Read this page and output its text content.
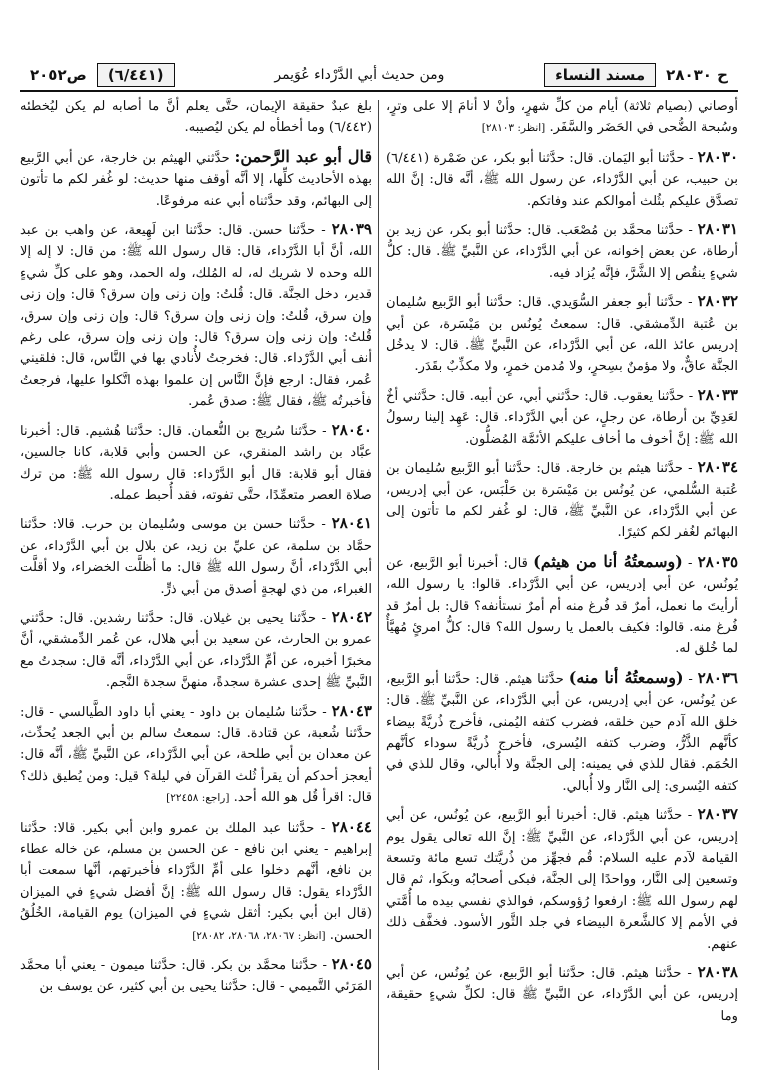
ح ٢٨٠٣٠
مسند النساء
ومن حديث أبي الدَّرْداء عُوَيمر
(٦/٤٤١)
ص٢٠٥٢

أوصاني (بصيام ثلاثة) أيام من كلِّ شهرٍ، وأنْ لا أنامَ إلا على وترٍ، وسُبحة الضُّحى في الحَضَر والسَّفَر. [انظر: ٢٨١٠٣]

٢٨٠٣٠ - حدَّثنا أبو اليَمان. قال: حدَّثنا أبو بكر، عن ضَمْرة (٦/٤٤١) بن حبيب، عن أبي الدَّرْداء، عن رسول الله ﷺ، أنَّه قال: إنَّ الله تصدَّق عليكم بثُلث أموالكم عند وفاتكم.

٢٨٠٣١ - حدَّثنا محمَّد بن مُصْعَب. قال: حدَّثنا أبو بكر، عن زيد بن أرطاة، عن بعض إخوانه، عن أبي الدَّرْداء، عن النَّبيِّ ﷺ. قال: كلُّ شيءٍ ينقُص إلا الشَّرَّ، فإنَّه يُزاد فيه.

٢٨٠٣٢ - حدَّثنا أبو جعفر السُّوَيدي. قال: حدَّثنا أبو الرَّبيع سُليمان بن عُتبة الدِّمشقي. قال: سمعتُ يُونُس بن مَيْسَرة، عن أبي إدريس عائذ الله، عن أبي الدَّرْداء، عن النَّبيِّ ﷺ. قال: لا يدخُل الجنَّة عاقٌّ، ولا مؤمنٌ بسِحرٍ، ولا مُدمن خمرٍ، ولا مكذِّبٌ بقَدَر.

٢٨٠٣٣ - حدَّثنا يعقوب. قال: حدَّثني أبي، عن أبيه. قال: حدَّثني أخٌ لعَدِيِّ بن أرطاة، عن رجلٍ، عن أبي الدَّرْداء. قال: عَهِد إلينا رسولُ الله ﷺ: إنَّ أخوف ما أخاف عليكم الأئمَّة المُضلُّون.

٢٨٠٣٤ - حدَّثنا هيثم بن خارجة. قال: حدَّثنا أبو الرَّبيع سُليمان بن عُتبة السُّلمي، عن يُونُس بن مَيْسَرة بن حَلْبَس، عن أبي إدريس، عن أبي الدَّرْداء، عن النَّبيِّ ﷺ، قال: لو غُفر لكم ما تأتون إلى البهائم لغُفر لكم كثيرًا.

٢٨٠٣٥ - (وسمعتُهُ أنا من هيثم) قال: أخبرنا أبو الرَّبيع، عن يُونُس، عن أبي إدريس، عن أبي الدَّرْداء. قالوا: يا رسول الله، أرأيتَ ما نعمل، أمرٌ قد فُرغ منه أم أمرٌ نستأنفه؟ قال: بل أمرٌ قد فُرغ منه. قالوا: فكيف بالعمل يا رسول الله؟ قال: كلُّ امرئٍ مُهيَّأٌ لما خُلق له.

٢٨٠٣٦ - (وسمعتُهُ أنا منه) حدَّثنا هيثم. قال: حدَّثنا أبو الرَّبيع، عن يُونُس، عن أبي إدريس، عن أبي الدَّرْداء، عن النَّبيِّ ﷺ. قال: خلق الله آدم حين خلقه، فضرب كتفه اليُمنى، فأخرج ذُريَّةً بيضاء كأنَّهم الذَّرُّ، وضرب كتفه اليُسرى، فأخرج ذُريَّةً سوداء كأنَّهم الحُمَم. فقال للذي في يمينه: إلى الجنَّة ولا أُبالي، وقال للذي في كتفه اليُسرى: إلى النَّار ولا أُبالي.

٢٨٠٣٧ - حدَّثنا هيثم. قال: أخبرنا أبو الرَّبيع، عن يُونُس، عن أبي إدريس، عن أبي الدَّرْداء، عن النَّبيِّ ﷺ: إنَّ الله تعالى يقول يوم القيامة لآدم عليه السلام: قُم فجهِّز من ذُريَّتك تسع مائة وتسعة وتسعين إلى النَّار، وواحدًا إلى الجنَّة، فبكى أصحابُه وبكَوا، ثم قال لهم رسول الله ﷺ: ارفعوا رُؤوسكم، فوالذي نفسي بيده ما أُمَّتي في الأمم إلا كالشَّعرة البيضاء في جلد الثَّور الأسود. فخفَّف ذلك عنهم.

٢٨٠٣٨ - حدَّثنا هيثم. قال: حدَّثنا أبو الرَّبيع، عن يُونُس، عن أبي إدريس، عن أبي الدَّرْداء، عن النَّبيِّ ﷺ قال: لكلِّ شيءٍ حقيقة، وما

بلغ عبدٌ حقيقة الإيمان، حتَّى يعلم أنَّ ما أصابه لم يكن ليُخطئه (٦/٤٤٢) وما أخطأه لم يكن ليُصيبه.

قال أبو عبد الرَّحمن: حدَّثني الهيثم بن خارجة، عن أبي الرَّبيع بهذه الأحاديث كلِّها، إلا أنَّه أوقف منها حديث: لو غُفر لكم ما تأتون إلى البهائم، وقد حدَّثناه أبي عنه مرفوعًا.

٢٨٠٣٩ - حدَّثنا حسن. قال: حدَّثنا ابن لَهِيعة، عن واهب بن عبد الله، أنَّ أبا الدَّرْداء، قال: قال رسول الله ﷺ: من قال: لا إله إلا الله وحده لا شريك له، له المُلك، وله الحمد، وهو على كلِّ شيءٍ قدير، دخل الجنَّة. قال: قُلتُ: وإن زنى وإن سرق؟ قال: وإن زنى وإن سرق، قُلتُ: وإن زنى وإن سرق؟ قال: وإن زنى وإن سرق، قُلتُ: وإن زنى وإن سرق؟ قال: وإن زنى وإن سرق، على رغم أنف أبي الدَّرْداء. قال: فخرجتُ لأُنادي بها في النَّاس، قال: فلقيني عُمر، فقال: ارجع فإنَّ النَّاس إن علموا بهذه اتَّكلوا عليها، فرجعتُ فأخبرتُه ﷺ، فقال ﷺ: صدق عُمر.

٢٨٠٤٠ - حدَّثنا سُريج بن النُّعمان. قال: حدَّثنا هُشيم. قال: أخبرنا عبَّاد بن راشد المنقري، عن الحسن وأبي قلابة، كانا جالسين، فقال أبو قلابة: قال أبو الدَّرْداء: قال رسول الله ﷺ: من ترك صلاة العصر متعمِّدًا، حتَّى تفوته، فقد أُحبط عمله.

٢٨٠٤١ - حدَّثنا حسن بن موسى وسُليمان بن حرب. قالا: حدَّثنا حمَّاد بن سلمة، عن عليِّ بن زيد، عن بلال بن أبي الدَّرْداء، عن أبي الدَّرْداء، أنَّ رسول الله ﷺ قال: ما أظلَّت الخضراء، ولا أقلَّت الغبراء، من ذي لهجةٍ أصدق من أبي ذرٍّ.

٢٨٠٤٢ - حدَّثنا يحيى بن غيلان. قال: حدَّثنا رشدين. قال: حدَّثني عمرو بن الحارث، عن سعيد بن أبي هلال، عن عُمر الدِّمشقي، أنَّ مخبرًا أخبره، عن أمِّ الدَّرْداء، عن أبي الدَّرْداء، أنَّه قال: سجدتُ مع النَّبيِّ ﷺ إحدى عشرة سجدةً، منهنَّ سجدة النَّجم.

٢٨٠٤٣ - حدَّثنا سُليمان بن داود - يعني أبا داود الطَّيالسي - قال: حدَّثنا شُعبة، عن قتادة. قال: سمعتُ سالم بن أبي الجعد يُحدِّث، عن معدان بن أبي طلحة، عن أبي الدَّرْداء، عن النَّبيِّ ﷺ، أنَّه قال: أيعجز أحدكم أن يقرأ ثُلث القرآن في ليلة؟ قيل: ومن يُطيق ذلك؟ قال: اقرأ قُل هو الله أحد. [راجع: ٢٢٤٥٨]

٢٨٠٤٤ - حدَّثنا عبد الملك بن عمرو وابن أبي بكير. قالا: حدَّثنا إبراهيم - يعني ابن نافع - عن الحسن بن مسلم، عن خاله عطاء بن نافع، أنَّهم دخلوا على أمِّ الدَّرْداء فأخبرتهم، أنَّها سمعت أبا الدَّرْداء يقول: قال رسول الله ﷺ: إنَّ أفضل شيءٍ في الميزان (قال ابن أبي بكير: أثقل شيءٍ في الميزان) يوم القيامة، الخُلُقُ الحسن. [انظر: ٢٨٠٦٧، ٢٨٠٦٨، ٢٨٠٨٢]

٢٨٠٤٥ - حدَّثنا محمَّد بن بكر. قال: حدَّثنا ميمون - يعني أبا محمَّد المَرَئي التَّميمي - قال: حدَّثنا يحيى بن أبي كثير، عن يوسف بن
